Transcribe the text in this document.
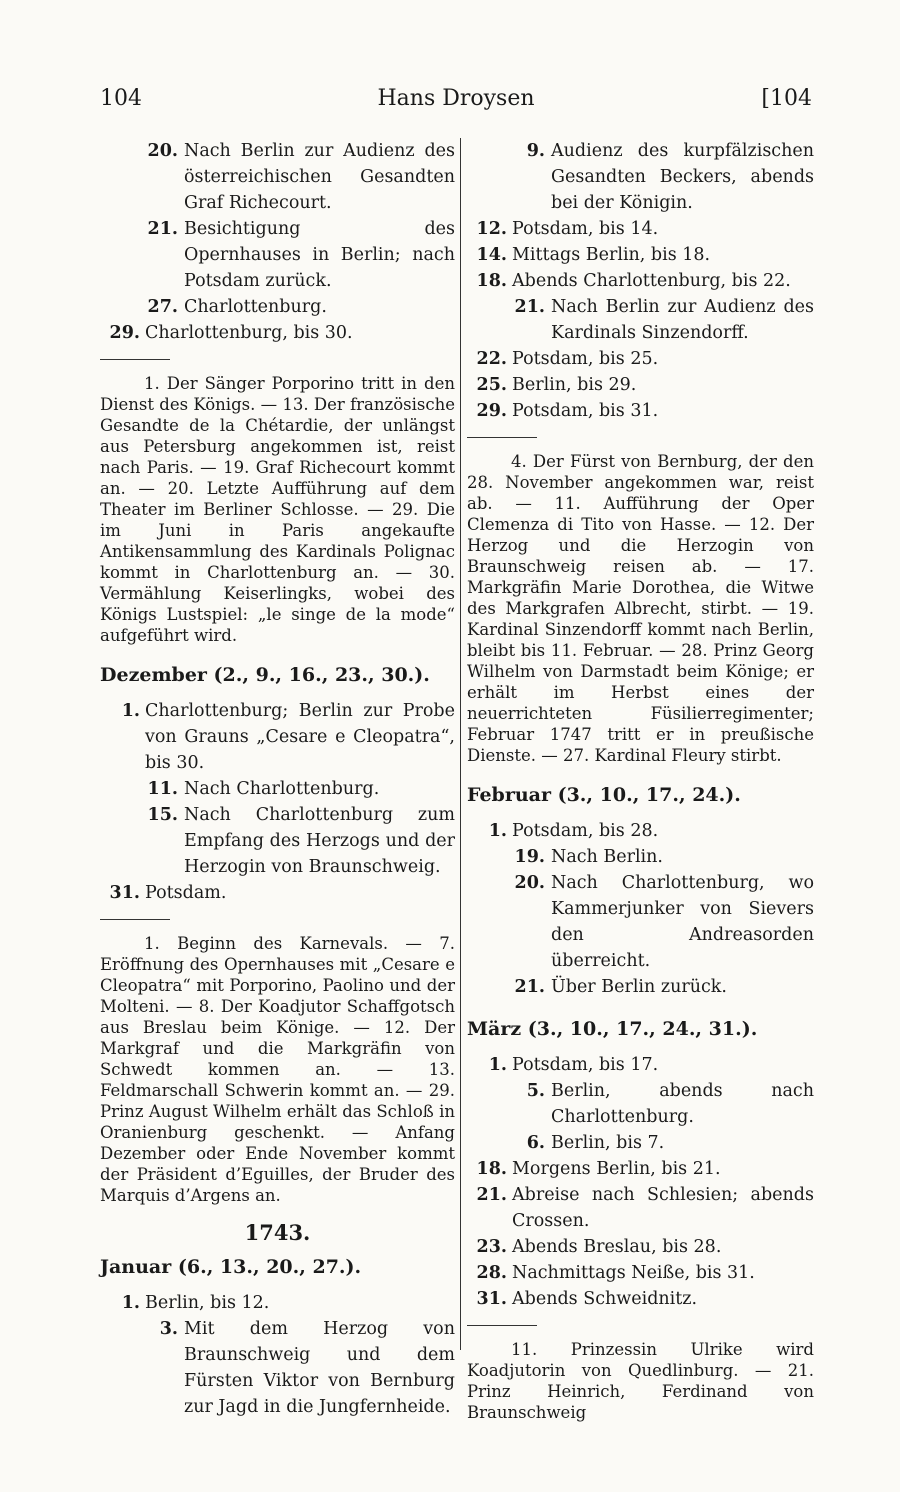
104	Hans Droysen	[104
20. Nach Berlin zur Audienz des österreichischen Gesandten Graf Richecourt.
21. Besichtigung des Opernhauses in Berlin; nach Potsdam zurück.
27. Charlottenburg.
29. Charlottenburg, bis 30.
1. Der Sänger Porporino tritt in den Dienst des Königs. — 13. Der französische Gesandte de la Chétardie, der unlängst aus Petersburg angekommen ist, reist nach Paris. — 19. Graf Richecourt kommt an. — 20. Letzte Aufführung auf dem Theater im Berliner Schlosse. — 29. Die im Juni in Paris angekaufte Antikensammlung des Kardinals Polignac kommt in Charlottenburg an. — 30. Vermählung Keiserlingks, wobei des Königs Lustspiel: „le singe de la mode“ aufgeführt wird.
Dezember (2., 9., 16., 23., 30.).
1. Charlottenburg; Berlin zur Probe von Grauns „Cesare e Cleopatra“, bis 30.
11. Nach Charlottenburg.
15. Nach Charlottenburg zum Empfang des Herzogs und der Herzogin von Braunschweig.
31. Potsdam.
1. Beginn des Karnevals. — 7. Eröffnung des Opernhauses mit „Cesare e Cleopatra“ mit Porporino, Paolino und der Molteni. — 8. Der Koadjutor Schaffgotsch aus Breslau beim Könige. — 12. Der Markgraf und die Markgräfin von Schwedt kommen an. — 13. Feldmarschall Schwerin kommt an. — 29. Prinz August Wilhelm erhält das Schloß in Oranienburg geschenkt. — Anfang Dezember oder Ende November kommt der Präsident d’Eguilles, der Bruder des Marquis d’Argens an.
1743.
Januar (6., 13., 20., 27.).
1. Berlin, bis 12.
3. Mit dem Herzog von Braunschweig und dem Fürsten Viktor von Bernburg zur Jagd in die Jungfernheide.
9. Audienz des kurpfälzischen Gesandten Beckers, abends bei der Königin.
12. Potsdam, bis 14.
14. Mittags Berlin, bis 18.
18. Abends Charlottenburg, bis 22.
21. Nach Berlin zur Audienz des Kardinals Sinzendorff.
22. Potsdam, bis 25.
25. Berlin, bis 29.
29. Potsdam, bis 31.
4. Der Fürst von Bernburg, der den 28. November angekommen war, reist ab. — 11. Aufführung der Oper Clemenza di Tito von Hasse. — 12. Der Herzog und die Herzogin von Braunschweig reisen ab. — 17. Markgräfin Marie Dorothea, die Witwe des Markgrafen Albrecht, stirbt. — 19. Kardinal Sinzendorff kommt nach Berlin, bleibt bis 11. Februar. — 28. Prinz Georg Wilhelm von Darmstadt beim Könige; er erhält im Herbst eines der neuerrichteten Füsilierregimenter; Februar 1747 tritt er in preußische Dienste. — 27. Kardinal Fleury stirbt.
Februar (3., 10., 17., 24.).
1. Potsdam, bis 28.
19. Nach Berlin.
20. Nach Charlottenburg, wo Kammerjunker von Sievers den Andreasorden überreicht.
21. Über Berlin zurück.
März (3., 10., 17., 24., 31.).
1. Potsdam, bis 17.
5. Berlin, abends nach Charlottenburg.
6. Berlin, bis 7.
18. Morgens Berlin, bis 21.
21. Abreise nach Schlesien; abends Crossen.
23. Abends Breslau, bis 28.
28. Nachmittags Neiße, bis 31.
31. Abends Schweidnitz.
11. Prinzessin Ulrike wird Koadjutorin von Quedlinburg. — 21. Prinz Heinrich, Ferdinand von Braunschweig
